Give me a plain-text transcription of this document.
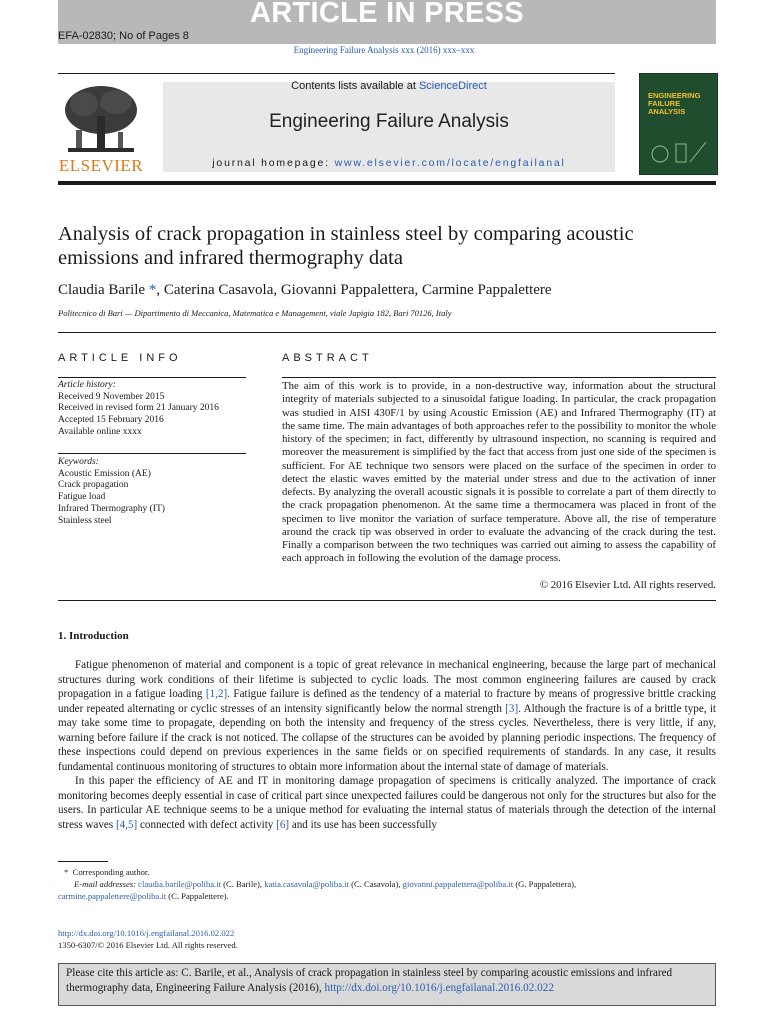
ARTICLE IN PRESS
EFA-02830; No of Pages 8
Engineering Failure Analysis xxx (2016) xxx–xxx
ELSEVIER
Contents lists available at ScienceDirect
Engineering Failure Analysis
journal homepage: www.elsevier.com/locate/engfailanal
ENGINEERING
FAILURE
ANALYSIS
Analysis of crack propagation in stainless steel by comparing acoustic emissions and infrared thermography data
Claudia Barile *, Caterina Casavola, Giovanni Pappalettera, Carmine Pappalettere
Politecnico di Bari — Dipartimento di Meccanica, Matematica e Management, viale Japigia 182, Bari 70126, Italy
ARTICLE INFO
Article history:
Received 9 November 2015
Received in revised form 21 January 2016
Accepted 15 February 2016
Available online xxxx
Keywords:
Acoustic Emission (AE)
Crack propagation
Fatigue load
Infrared Thermography (IT)
Stainless steel
ABSTRACT
The aim of this work is to provide, in a non-destructive way, information about the structural integrity of materials subjected to a sinusoidal fatigue loading. In particular, the crack propagation was studied in AISI 430F/1 by using Acoustic Emission (AE) and Infrared Thermography (IT) at the same time. The main advantages of both approaches refer to the possibility to monitor the whole history of the specimen; in fact, differently by ultrasound inspection, no scanning is required and moreover the measurement is simplified by the fact that access from just one side of the specimen is sufficient. For AE technique two sensors were placed on the surface of the specimen in order to detect the elastic waves emitted by the material under stress and due to the activation of inner defects. By analyzing the overall acoustic signals it is possible to correlate a part of them directly to the crack propagation phenomenon. At the same time a thermocamera was placed in front of the specimen to live monitor the variation of surface temperature. Above all, the rise of temperature around the crack tip was observed in order to evaluate the advancing of the crack during the test. Finally a comparison between the two techniques was carried out aiming to assess the capability of each approach in following the evolution of the damage process.
© 2016 Elsevier Ltd. All rights reserved.
1. Introduction

Fatigue phenomenon of material and component is a topic of great relevance in mechanical engineering, because the large part of mechanical structures during work conditions of their lifetime is subjected to cyclic loads. The most common engineering failures are caused by crack propagation in a fatigue loading [1,2]. Fatigue failure is defined as the tendency of a material to fracture by means of progressive brittle cracking under repeated alternating or cyclic stresses of an intensity significantly below the normal strength [3]. Although the fracture is of a brittle type, it may take some time to propagate, depending on both the intensity and frequency of the stress cycles. Nevertheless, there is very little, if any, warning before failure if the crack is not noticed. The collapse of the structures can be avoided by planning periodic inspections. The frequency of these inspections could depend on previous experiences in the same fields or on specified requirements of standards. In any case, it results fundamental continuous monitoring of structures to obtain more information about the internal state of damage of materials.

In this paper the efficiency of AE and IT in monitoring damage propagation of specimens is critically analyzed. The importance of crack monitoring becomes deeply essential in case of critical part since unexpected failures could be dangerous not only for the structures but also for the users. In particular AE technique seems to be a unique method for evaluating the internal status of materials through the detection of the internal stress waves [4,5] connected with defect activity [6] and its use has been successfully

*  Corresponding author.
E-mail addresses: claudia.barile@poliba.it (C. Barile), katia.casavola@poliba.it (C. Casavola), giovanni.pappalettera@poliba.it (G. Pappalettera),
carmine.pappalettere@poliba.it (C. Pappalettere).
http://dx.doi.org/10.1016/j.engfailanal.2016.02.022
1350-6307/© 2016 Elsevier Ltd. All rights reserved.
Please cite this article as: C. Barile, et al., Analysis of crack propagation in stainless steel by comparing acoustic emissions and infrared thermography data, Engineering Failure Analysis (2016), http://dx.doi.org/10.1016/j.engfailanal.2016.02.022
